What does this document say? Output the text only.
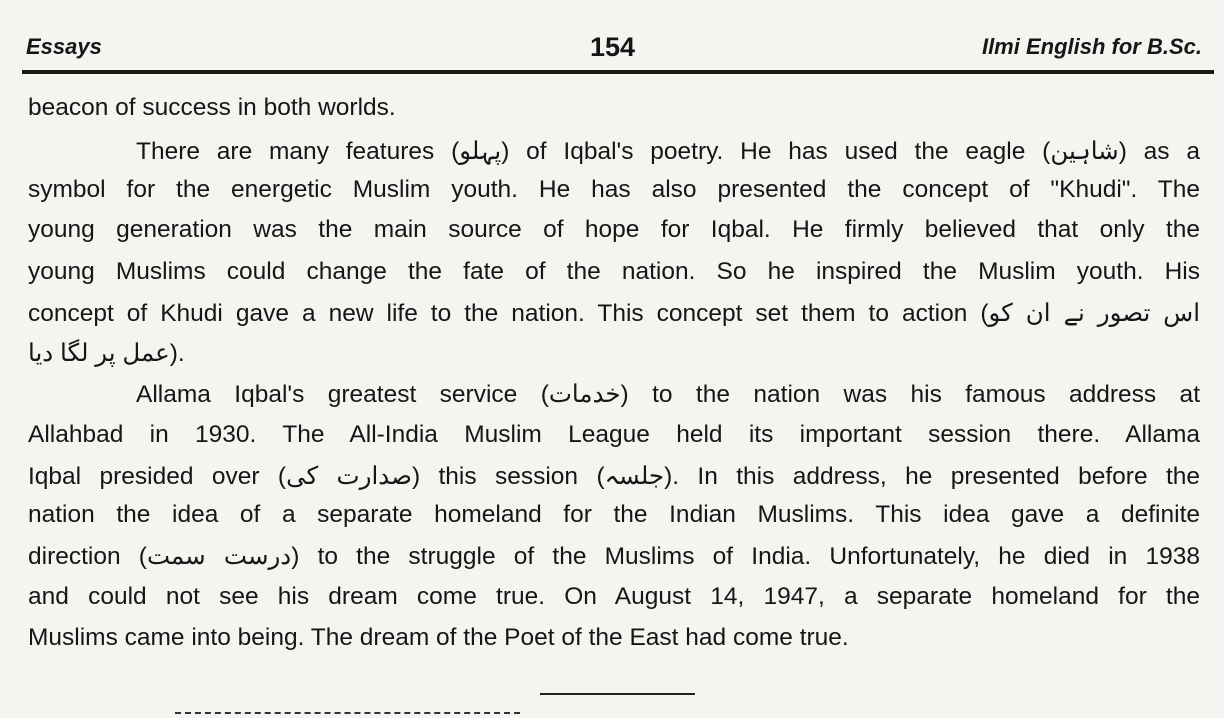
Essays	154	Ilmi English for B.Sc.
beacon of success in both worlds.
There are many features (پہلو) of Iqbal's poetry. He has used the eagle (شاہین) as a
symbol for the energetic Muslim youth. He has also presented the concept of "Khudi". The
young generation was the main source of hope for Iqbal. He firmly believed that only the
young Muslims could change the fate of the nation. So he inspired the Muslim youth. His
concept of Khudi gave a new life to the nation. This concept set them to action (اس تصور نے ان کو
عمل پر لگا دیا).
Allama Iqbal's greatest service (خدمات) to the nation was his famous address at
Allahbad in 1930. The All-India Muslim League held its important session there. Allama
Iqbal presided over (صدارت کی) this session (جلسہ). In this address, he presented before the
nation the idea of a separate homeland for the Indian Muslims. This idea gave a definite
direction (درست سمت) to the struggle of the Muslims of India. Unfortunately, he died in 1938
and could not see his dream come true. On August 14, 1947, a separate homeland for the
Muslims came into being. The dream of the Poet of the East had come true.
